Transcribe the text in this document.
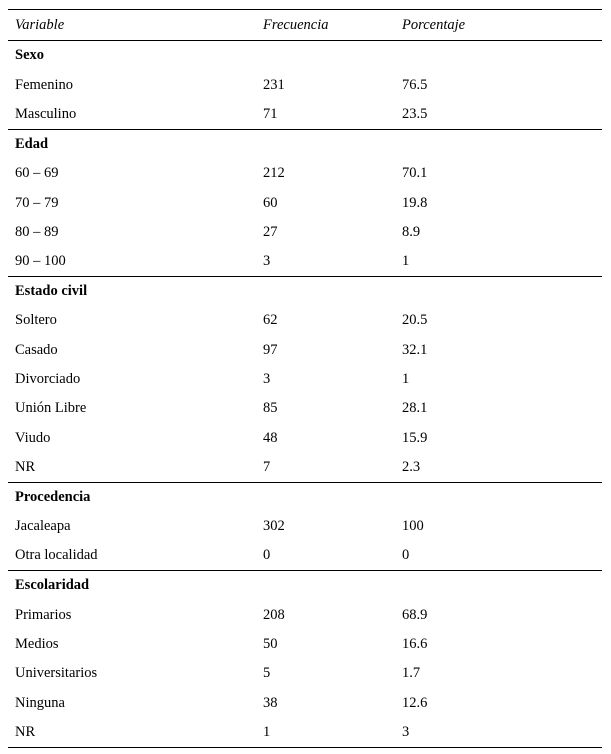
Variable	Frecuencia	Porcentaje
Sexo		
Femenino	231	76.5
Masculino	71	23.5
Edad		
60 – 69	212	70.1
70 – 79	60	19.8
80 – 89	27	8.9
90 – 100	3	1
Estado civil		
Soltero	62	20.5
Casado	97	32.1
Divorciado	3	1
Unión Libre	85	28.1
Viudo	48	15.9
NR	7	2.3
Procedencia		
Jacaleapa	302	100
Otra localidad	0	0
Escolaridad		
Primarios	208	68.9
Medios	50	16.6
Universitarios	5	1.7
Ninguna	38	12.6
NR	1	3
